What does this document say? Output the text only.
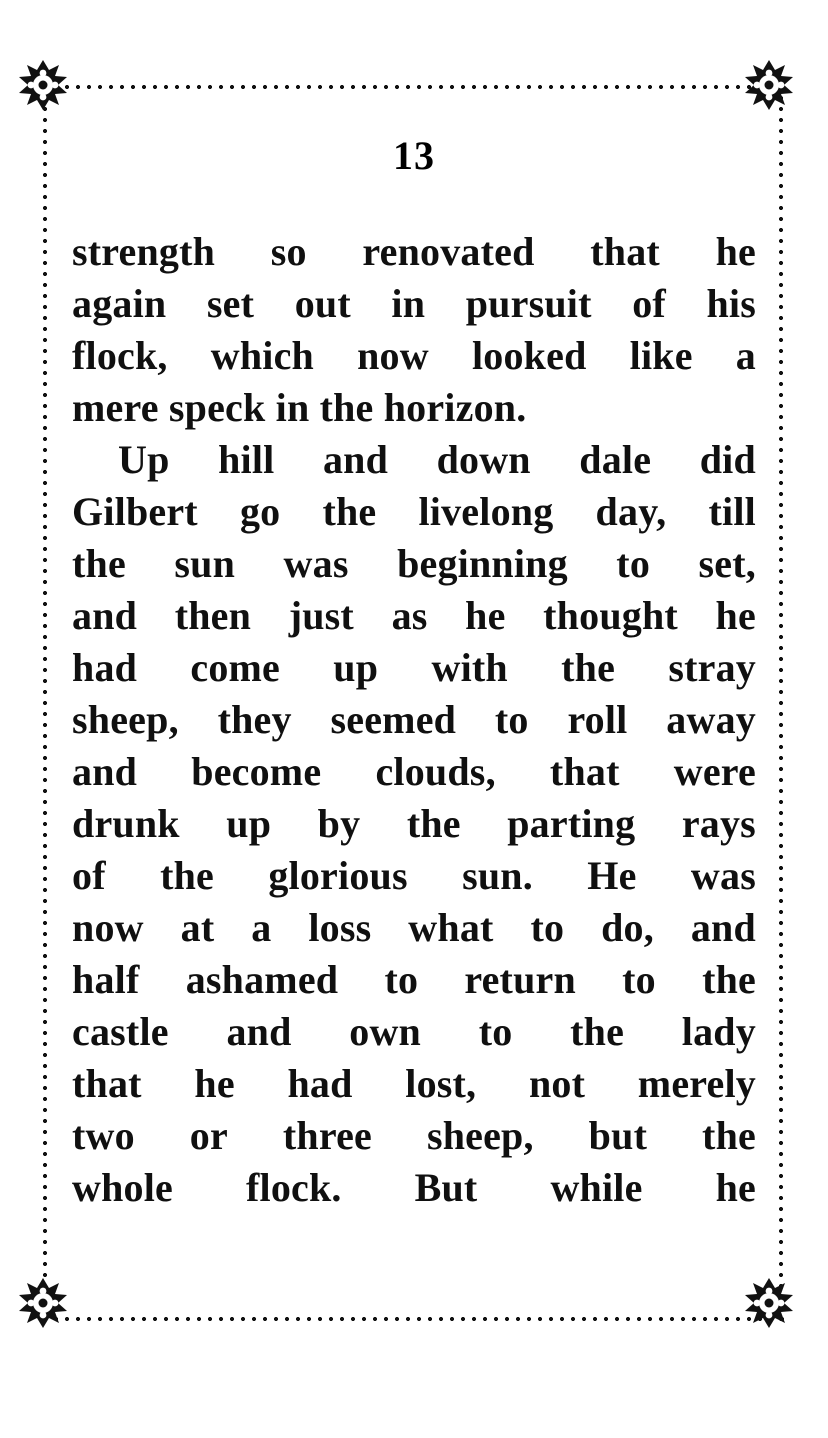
13

strength so renovated that he
again set out in pursuit of his
flock, which now looked like a
mere speck in the horizon.

Up hill and down dale did
Gilbert go the livelong day, till
the sun was beginning to set,
and then just as he thought he
had come up with the stray
sheep, they seemed to roll away
and become clouds, that were
drunk up by the parting rays
of the glorious sun. He was
now at a loss what to do, and
half ashamed to return to the
castle and own to the lady
that he had lost, not merely
two or three sheep, but the
whole flock. But while he
